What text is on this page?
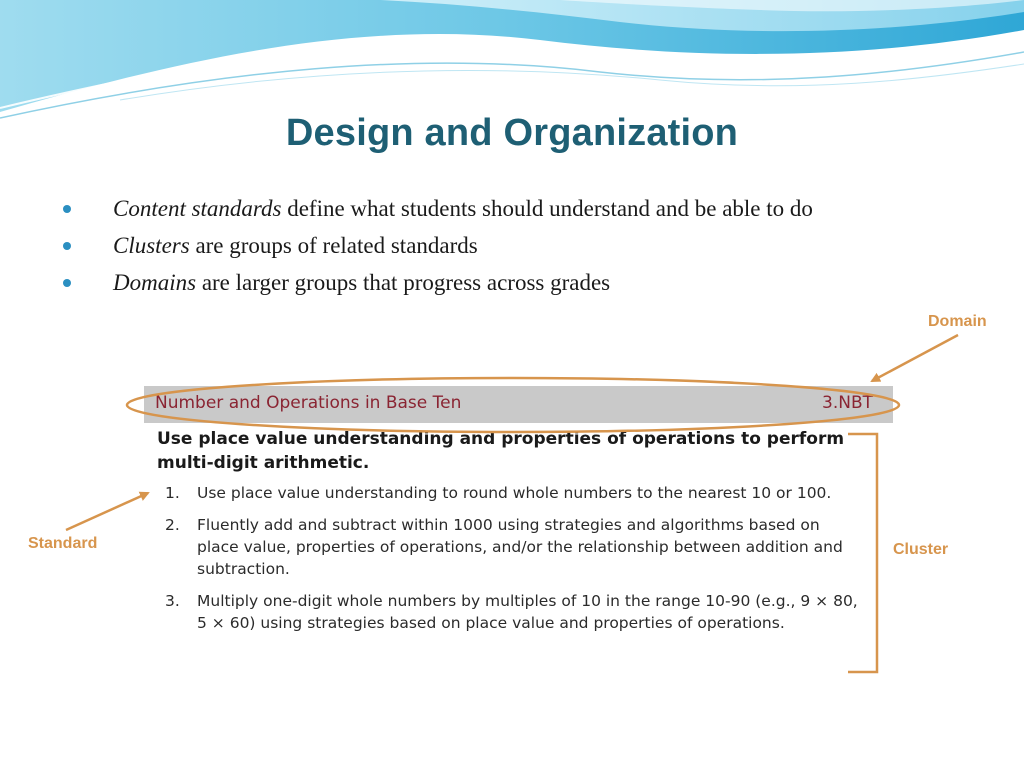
Design and Organization
Content standards define what students should understand and be able to do
Clusters are groups of related standards
Domains are larger groups that progress across grades
Number and Operations in Base Ten	3.NBT
Use place value understanding and properties of operations to perform multi-digit arithmetic.
1. Use place value understanding to round whole numbers to the nearest 10 or 100.
2. Fluently add and subtract within 1000 using strategies and algorithms based on place value, properties of operations, and/or the relationship between addition and subtraction.
3. Multiply one-digit whole numbers by multiples of 10 in the range 10-90 (e.g., 9 × 80, 5 × 60) using strategies based on place value and properties of operations.
Domain
Standard	Cluster
